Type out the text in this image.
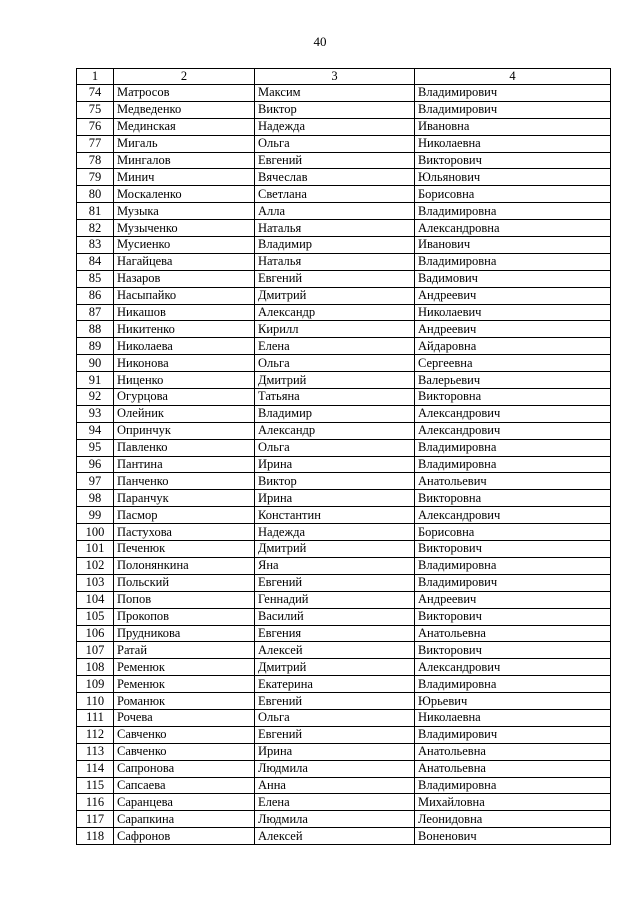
40
1	2	3	4
74	Матросов	Максим	Владимирович
75	Медведенко	Виктор	Владимирович
76	Мединская	Надежда	Ивановна
77	Мигаль	Ольга	Николаевна
78	Мингалов	Евгений	Викторович
79	Минич	Вячеслав	Юльянович
80	Москаленко	Светлана	Борисовна
81	Музыка	Алла	Владимировна
82	Музыченко	Наталья	Александровна
83	Мусиенко	Владимир	Иванович
84	Нагайцева	Наталья	Владимировна
85	Назаров	Евгений	Вадимович
86	Насыпайко	Дмитрий	Андреевич
87	Никашов	Александр	Николаевич
88	Никитенко	Кирилл	Андреевич
89	Николаева	Елена	Айдаровна
90	Никонова	Ольга	Сергеевна
91	Ниценко	Дмитрий	Валерьевич
92	Огурцова	Татьяна	Викторовна
93	Олейник	Владимир	Александрович
94	Опринчук	Александр	Александрович
95	Павленко	Ольга	Владимировна
96	Пантина	Ирина	Владимировна
97	Панченко	Виктор	Анатольевич
98	Паранчук	Ирина	Викторовна
99	Пасмор	Константин	Александрович
100	Пастухова	Надежда	Борисовна
101	Печенюк	Дмитрий	Викторович
102	Полонянкина	Яна	Владимировна
103	Польский	Евгений	Владимирович
104	Попов	Геннадий	Андреевич
105	Прокопов	Василий	Викторович
106	Прудникова	Евгения	Анатольевна
107	Ратай	Алексей	Викторович
108	Ременюк	Дмитрий	Александрович
109	Ременюк	Екатерина	Владимировна
110	Романюк	Евгений	Юрьевич
111	Рочева	Ольга	Николаевна
112	Савченко	Евгений	Владимирович
113	Савченко	Ирина	Анатольевна
114	Сапронова	Людмила	Анатольевна
115	Сапсаева	Анна	Владимировна
116	Саранцева	Елена	Михайловна
117	Сарапкина	Людмила	Леонидовна
118	Сафронов	Алексей	Воненович
